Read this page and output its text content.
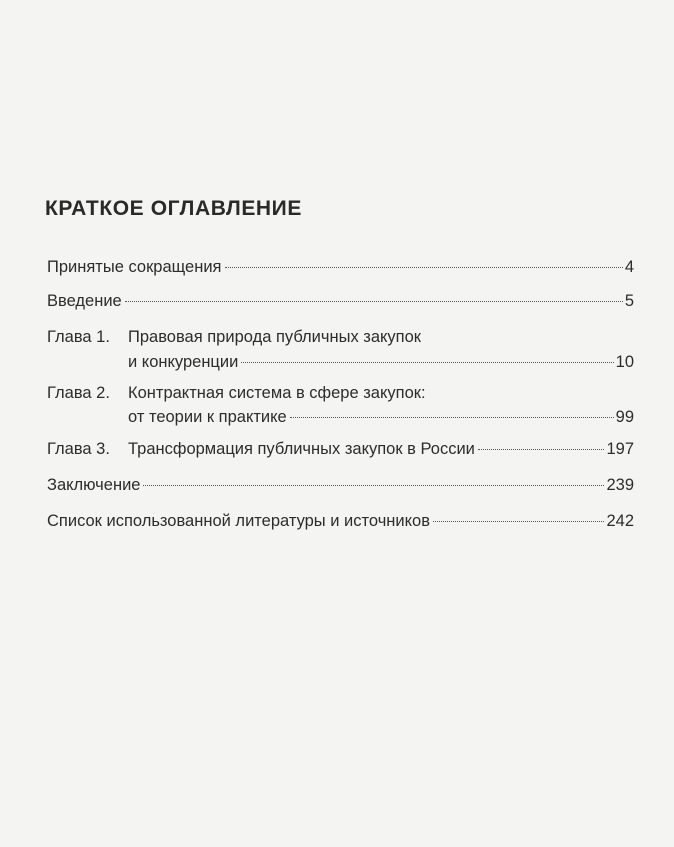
КРАТКОЕ ОГЛАВЛЕНИЕ
Принятые сокращения	4
Введение	5
Глава 1.	Правовая природа публичных закупок
и конкуренции	10
Глава 2.	Контрактная система в сфере закупок:
от теории к практике	99
Глава 3.	Трансформация публичных закупок в России	197
Заключение	239
Список использованной литературы и источников	242
